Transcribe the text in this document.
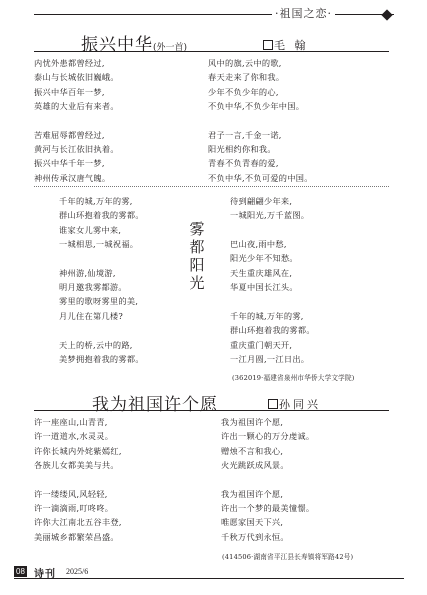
·祖国之恋·
振兴中华(外一首)	毛 翰
内忧外患都曾经过,
泰山与长城依旧巍峨。
振兴中华百年一梦,
英雄的大业后有来者。
苦难屈辱都曾经过,
黄河与长江依旧执着。
振兴中华千年一梦,
神州传承汉唐气魄。
风中的旗,云中的歌,
春天走来了你和我。
少年不负少年的心,
不负中华,不负少年中国。
君子一言,千金一诺,
阳光相约你和我。
青春不负青春的爱,
不负中华,不负可爱的中国。
千年的城,万年的雾,
群山环抱着我的雾都。
谁家女儿雾中来,
一城相思,一城祝福。
神州游,仙境游,
明月邀我雾都游。
雾里的歌呀雾里的美,
月儿住在第几楼?
天上的桥,云中的路,
美梦拥抱着我的雾都。
雾
都
阳
光
待到翩翩少年来,
一城阳光,万千蓝图。
巴山夜,雨中愁,
阳光少年不知愁。
天生重庆雄风在,
华夏中国长江头。
千年的城,万年的雾,
群山环抱着我的雾都。
重庆重门朝天开,
一江月圆,一江日出。
(362019·福建省泉州市华侨大学文学院)
我为祖国许个愿	孙同兴
许一座座山,山青青,
许一道道水,水灵灵。
许你长城内外姹紫嫣红,
各族儿女都美美与共。
许一缕缕风,风轻轻,
许一滴滴雨,叮咚咚。
许你大江南北五谷丰登,
美丽城乡都繁荣昌盛。
我为祖国许个愿,
许出一颗心的万分虔诚。
赠烛不言和我心,
火光跳跃成风景。
我为祖国许个愿,
许出一个梦的最美憧憬。
唯愿家国天下兴,
千秋万代到永恒。
(414506·湖南省平江县长寿镇将军路42号)
08 诗刊 2025/6
